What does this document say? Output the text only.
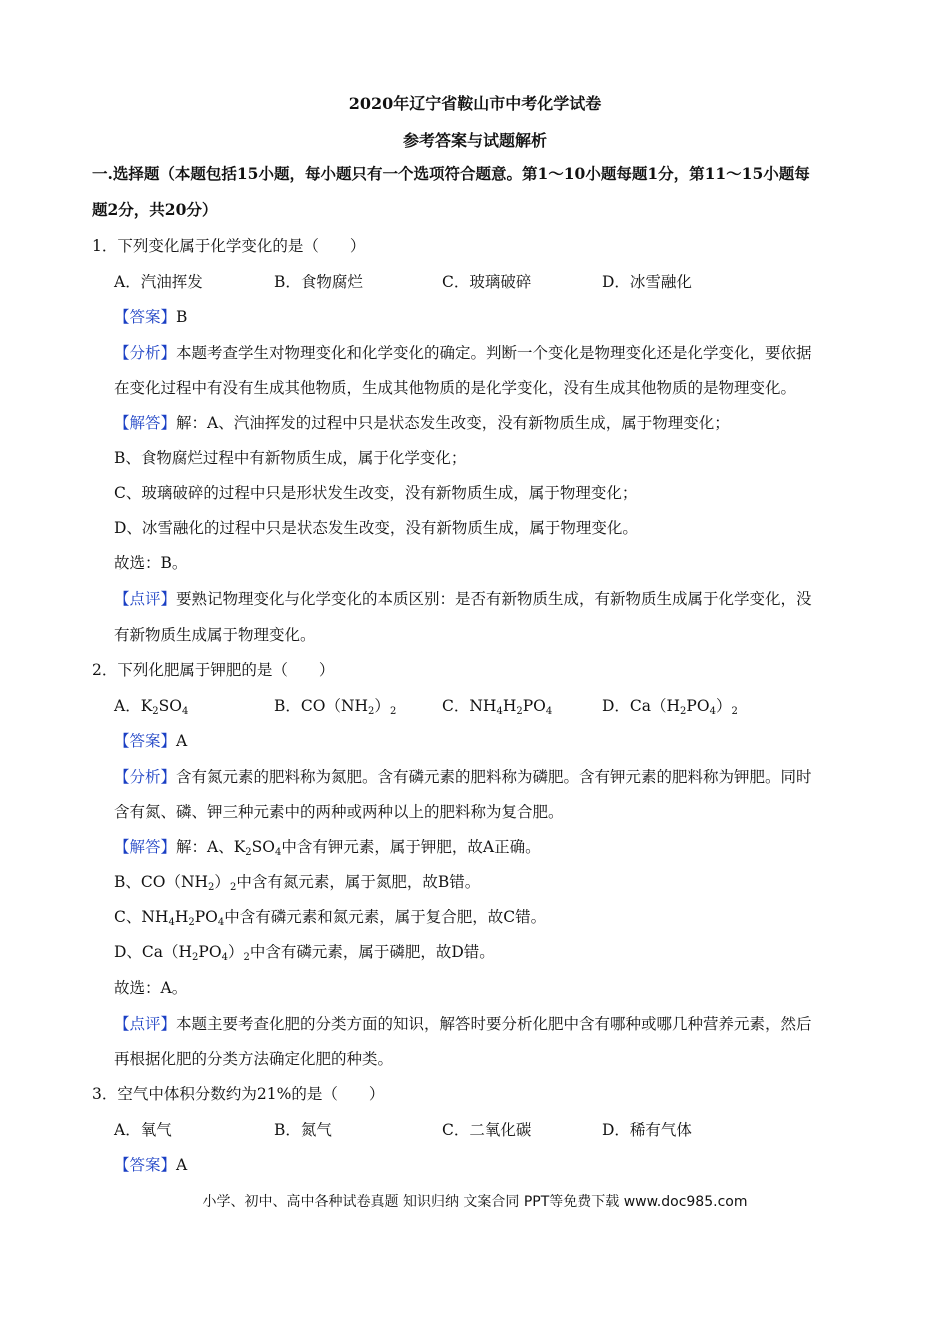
2020年辽宁省鞍山市中考化学试卷
参考答案与试题解析
一.选择题（本题包括15小题，每小题只有一个选项符合题意。第1～10小题每题1分，第11～15小题每
题2分，共20分）
1．下列变化属于化学变化的是（　　）
A．汽油挥发	B．食物腐烂	C．玻璃破碎	D．冰雪融化
【答案】B
【分析】本题考查学生对物理变化和化学变化的确定。判断一个变化是物理变化还是化学变化，要依据
在变化过程中有没有生成其他物质，生成其他物质的是化学变化，没有生成其他物质的是物理变化。
【解答】解：A、汽油挥发的过程中只是状态发生改变，没有新物质生成，属于物理变化；
B、食物腐烂过程中有新物质生成，属于化学变化；
C、玻璃破碎的过程中只是形状发生改变，没有新物质生成，属于物理变化；
D、冰雪融化的过程中只是状态发生改变，没有新物质生成，属于物理变化。
故选：B。
【点评】要熟记物理变化与化学变化的本质区别：是否有新物质生成，有新物质生成属于化学变化，没
有新物质生成属于物理变化。
2．下列化肥属于钾肥的是（　　）
A．$K_2SO_4$	B．$CO(NH_2)_2$	C．$NH_4H_2PO_4$	D．$Ca(H_2PO_4)_2$
【答案】A
【分析】含有氮元素的肥料称为氮肥。含有磷元素的肥料称为磷肥。含有钾元素的肥料称为钾肥。同时
含有氮、磷、钾三种元素中的两种或两种以上的肥料称为复合肥。
【解答】解：A、$K_2SO_4$中含有钾元素，属于钾肥，故A正确。
B、$CO(NH_2)_2$中含有氮元素，属于氮肥，故B错。
C、$NH_4H_2PO_4$中含有磷元素和氮元素，属于复合肥，故C错。
D、$Ca(H_2PO_4)_2$中含有磷元素，属于磷肥，故D错。
故选：A。
【点评】本题主要考查化肥的分类方面的知识，解答时要分析化肥中含有哪种或哪几种营养元素，然后
再根据化肥的分类方法确定化肥的种类。
3．空气中体积分数约为21%的是（　　）
A．氧气	B．氮气	C．二氧化碳	D．稀有气体
【答案】A
小学、初中、高中各种试卷真题 知识归纳 文案合同 PPT等免费下载 www.doc985.com
